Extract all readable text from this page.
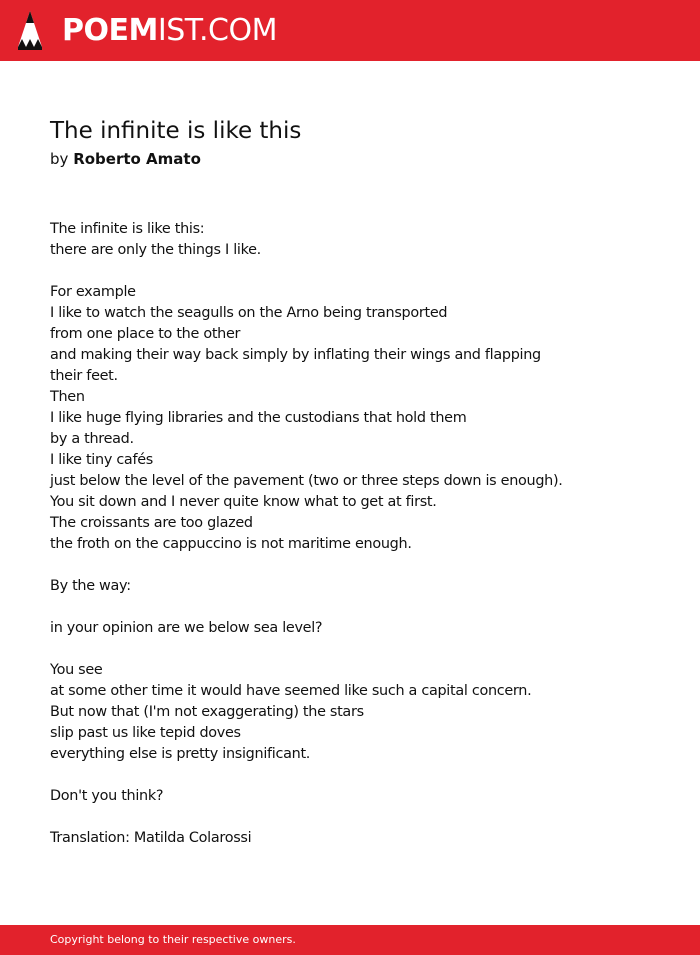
POEMIST.COM
The infinite is like this
by Roberto Amato
The infinite is like this:
there are only the things I like.
For example
I like to watch the seagulls on the Arno being transported
from one place to the other
and making their way back simply by inflating their wings and flapping
their feet.
Then
I like huge flying libraries and the custodians that hold them
by a thread.
I like tiny cafés
just below the level of the pavement (two or three steps down is enough).
You sit down and I never quite know what to get at first.
The croissants are too glazed
the froth on the cappuccino is not maritime enough.
By the way:
in your opinion are we below sea level?
You see
at some other time it would have seemed like such a capital concern.
But now that (I'm not exaggerating) the stars
slip past us like tepid doves
everything else is pretty insignificant.
Don't you think?
Translation: Matilda Colarossi
Copyright belong to their respective owners.
